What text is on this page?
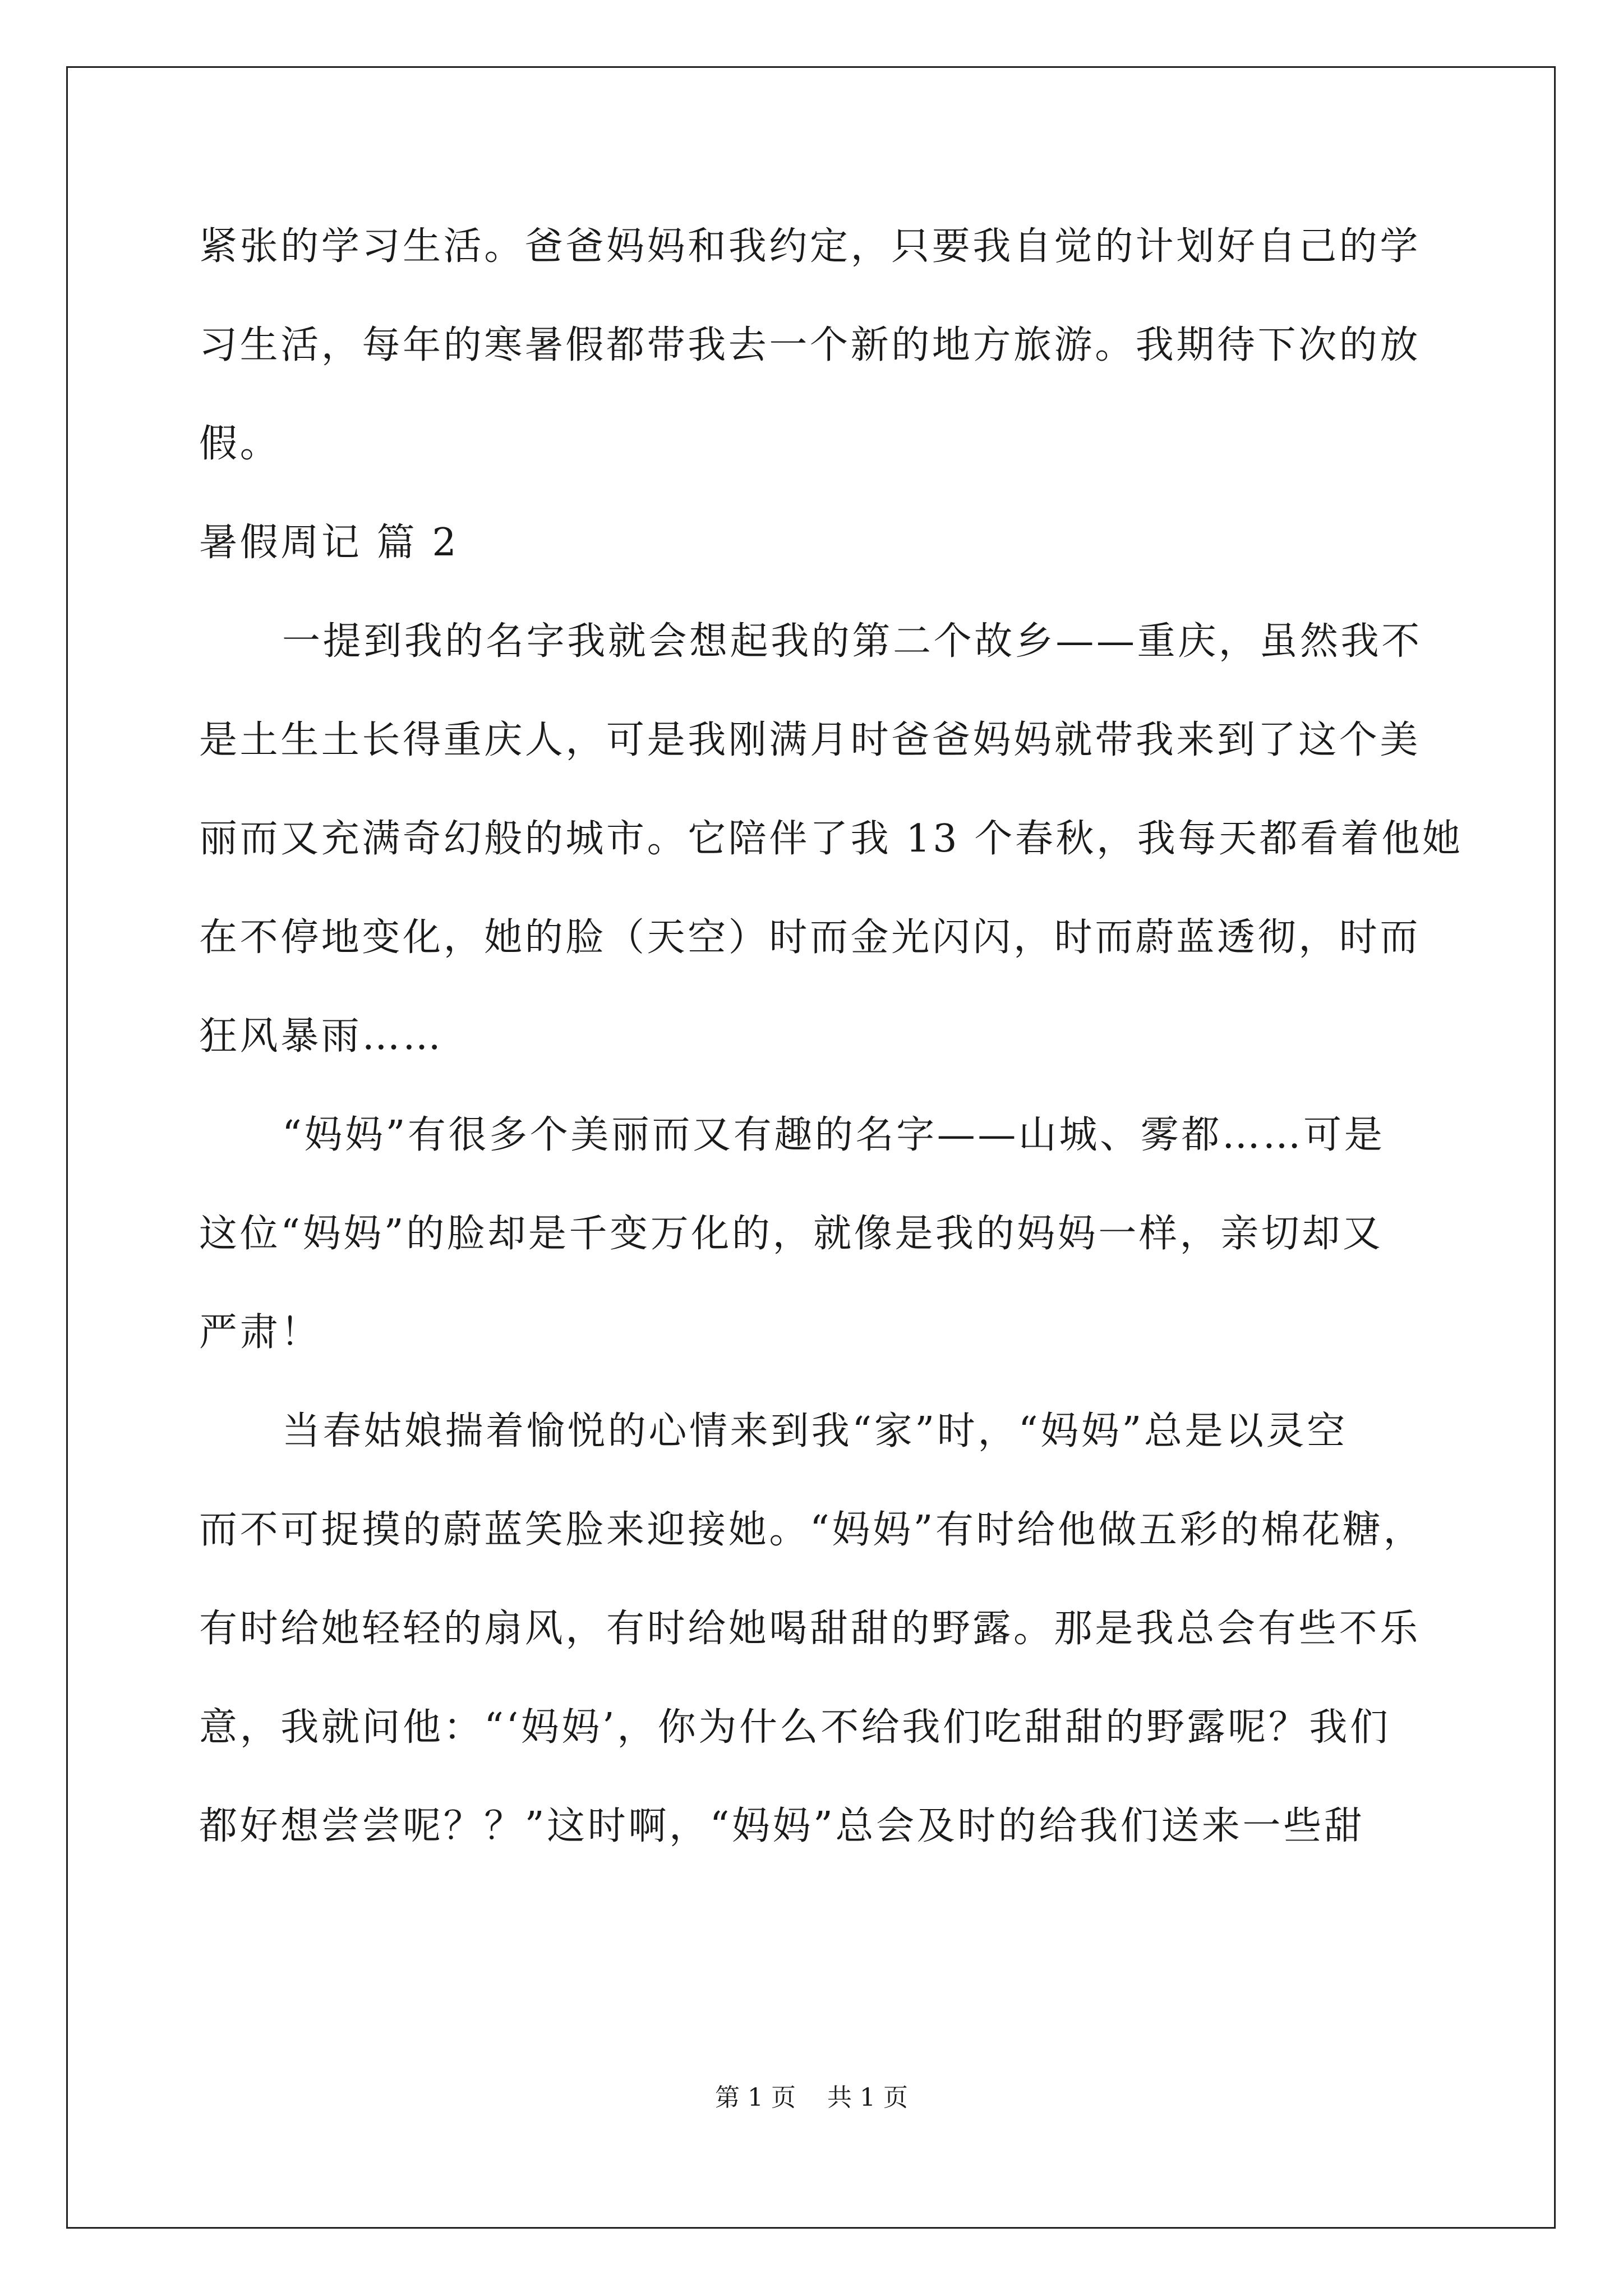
紧张的学习生活。爸爸妈妈和我约定，只要我自觉的计划好自己的学
习生活，每年的寒暑假都带我去一个新的地方旅游。我期待下次的放
假。
暑假周记 篇 2
一提到我的名字我就会想起我的第二个故乡——重庆，虽然我不
是土生土长得重庆人，可是我刚满月时爸爸妈妈就带我来到了这个美
丽而又充满奇幻般的城市。它陪伴了我 13 个春秋，我每天都看着他她
在不停地变化，她的脸（天空）时而金光闪闪，时而蔚蓝透彻，时而
狂风暴雨……
“妈妈”有很多个美丽而又有趣的名字——山城、雾都……可是
这位“妈妈”的脸却是千变万化的，就像是我的妈妈一样，亲切却又
严肃！
当春姑娘揣着愉悦的心情来到我“家”时，“妈妈”总是以灵空
而不可捉摸的蔚蓝笑脸来迎接她。“妈妈”有时给他做五彩的棉花糖，
有时给她轻轻的扇风，有时给她喝甜甜的野露。那是我总会有些不乐
意，我就问他：“‘妈妈’，你为什么不给我们吃甜甜的野露呢？我们
都好想尝尝呢？？”这时啊，“妈妈”总会及时的给我们送来一些甜
第 1 页 共 1 页
